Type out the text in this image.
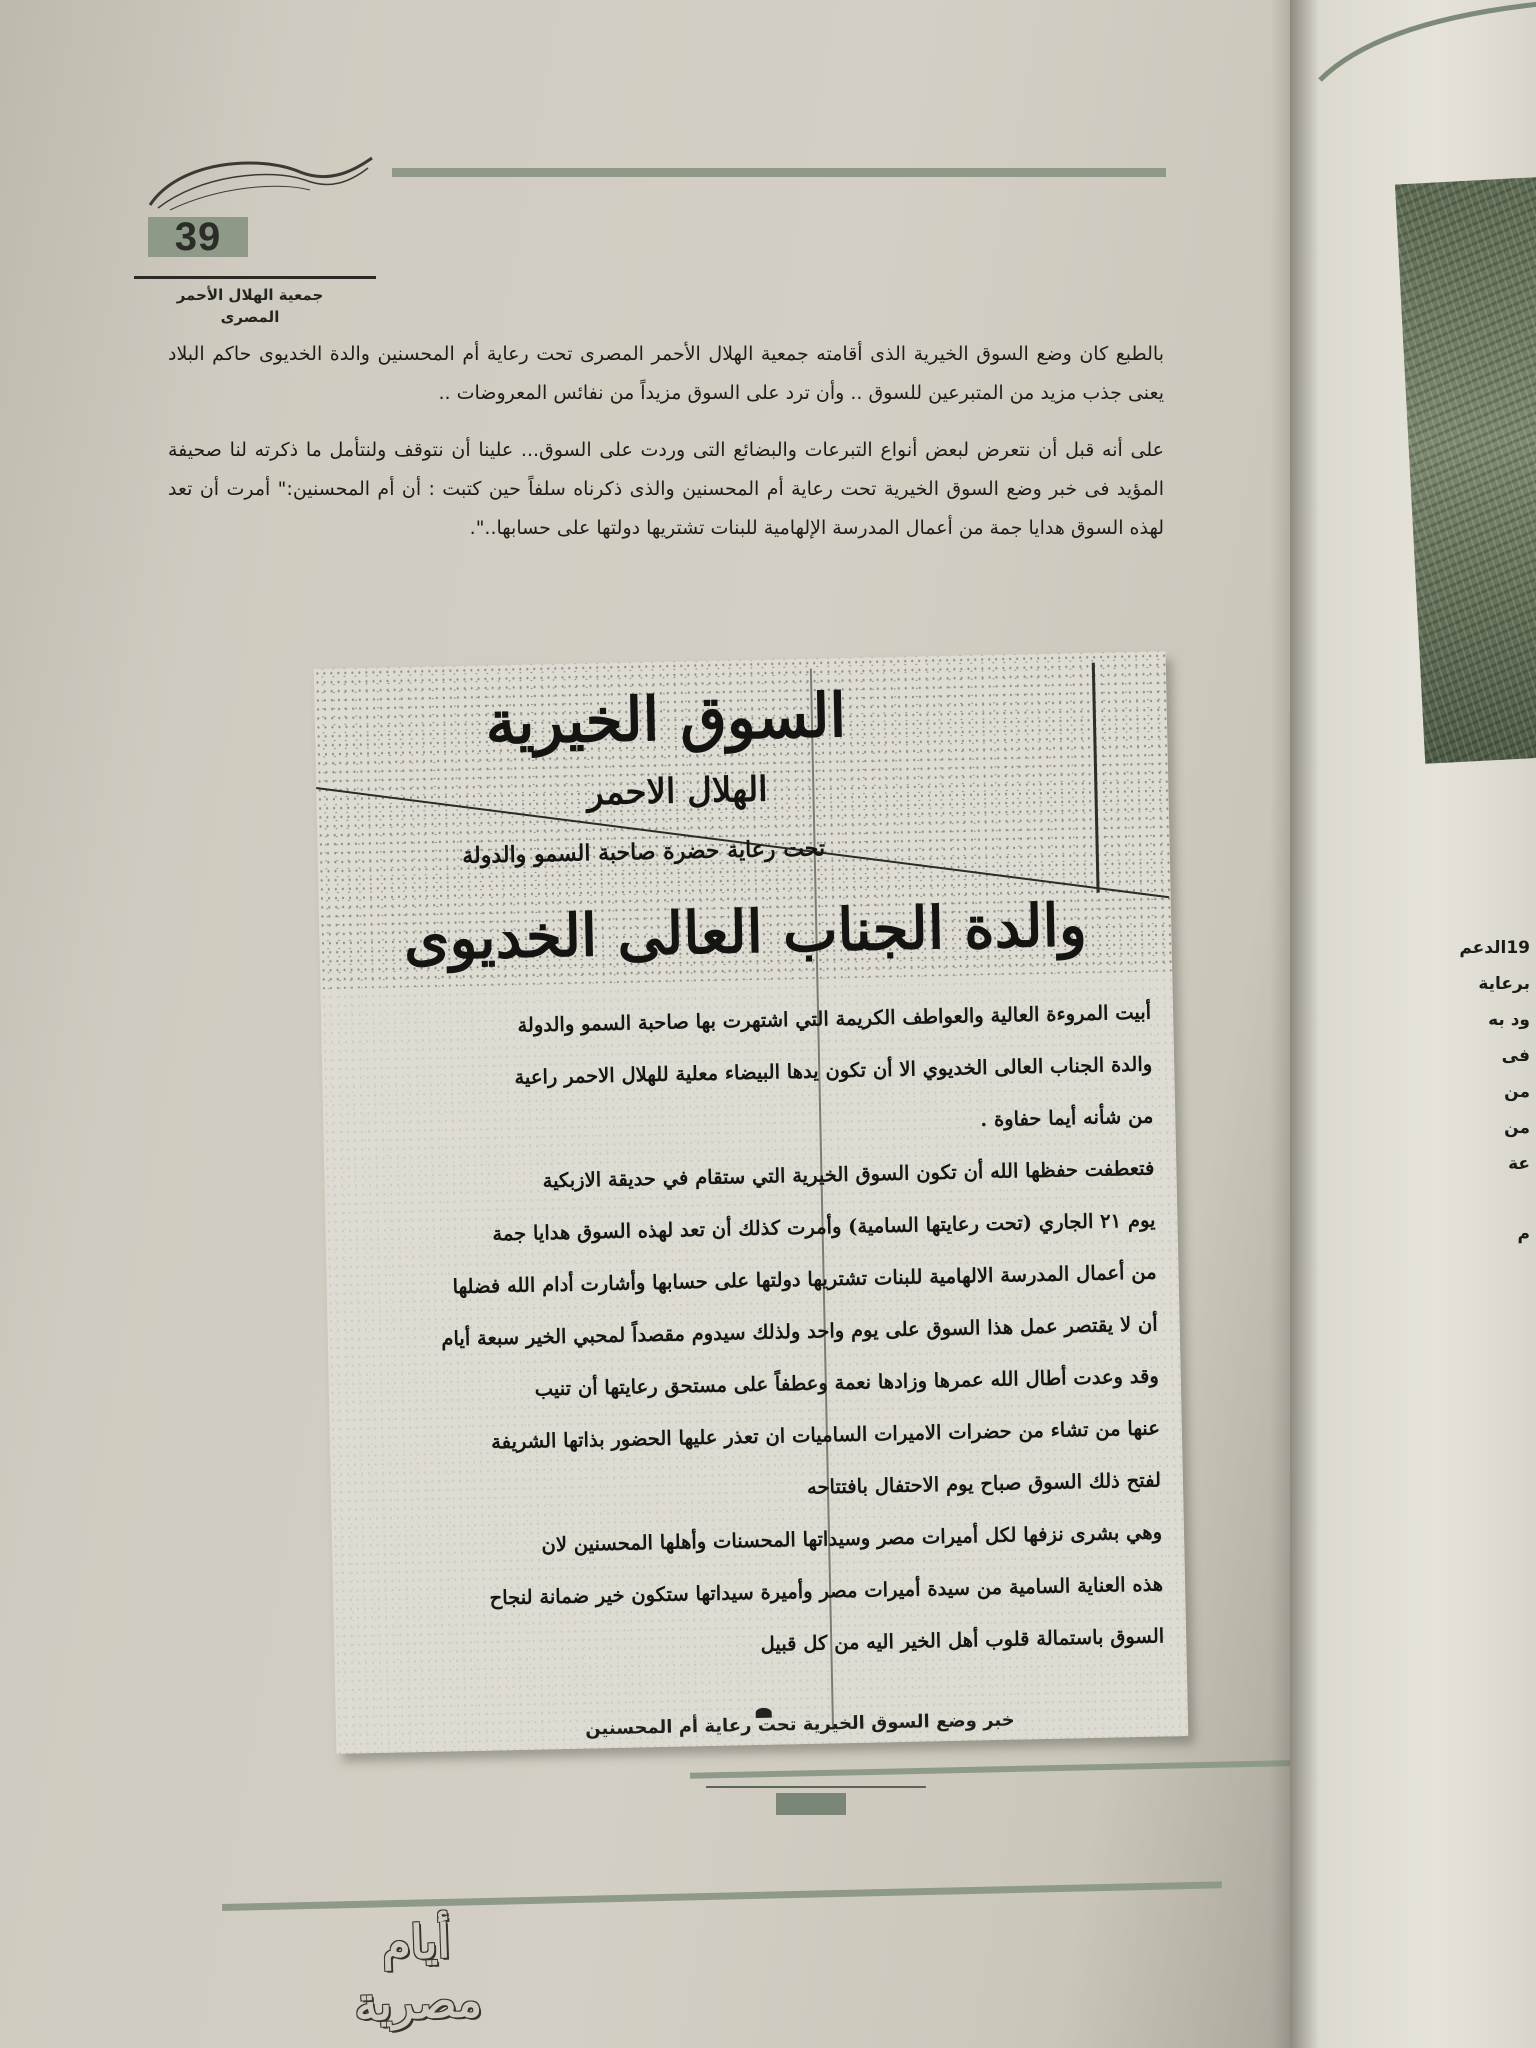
39
جمعية الهلال الأحمر المصرى

بالطبع كان وضع السوق الخيرية الذى أقامته جمعية الهلال الأحمر المصرى تحت رعاية أم المحسنين والدة الخديوى حاكم البلاد يعنى جذب مزيد من المتبرعين للسوق .. وأن ترد على السوق مزيداً من نفائس المعروضات ..

على أنه قبل أن نتعرض لبعض أنواع التبرعات والبضائع التى وردت على السوق... علينا أن نتوقف ولنتأمل ما ذكرته لنا صحيفة المؤيد فى خبر وضع السوق الخيرية تحت رعاية أم المحسنين والذى ذكرناه سلفاً حين كتبت : أن أم المحسنين:" أمرت أن تعد لهذه السوق هدايا جمة من أعمال المدرسة الإلهامية للبنات تشتريها دولتها على حسابها..".

السوق الخيرية
الهلال الاحمر
تحت رعاية حضرة صاحبة السمو والدولة
والدة الجناب العالى الخديوى
أبيت المروءة العالية والعواطف الكريمة التي اشتهرت بها صاحبة السمو والدولة
والدة الجناب العالى الخديوي الا أن تكون يدها البيضاء معلية للهلال الاحمر راعية
من شأنه أيما حفاوة .
فتعطفت حفظها الله أن تكون السوق الخيرية التي ستقام في حديقة الازبكية
يوم ٢١ الجاري (تحت رعايتها السامية) وأمرت كذلك أن تعد لهذه السوق هدايا جمة
من أعمال المدرسة الالهامية للبنات تشتريها دولتها على حسابها وأشارت أدام الله فضلها
أن لا يقتصر عمل هذا السوق على يوم واحد ولذلك سيدوم مقصداً لمحبي الخير سبعة أيام
وقد وعدت أطال الله عمرها وزادها نعمة وعطفاً على مستحق رعايتها أن تنيب
عنها من تشاء من حضرات الاميرات الساميات ان تعذر عليها الحضور بذاتها الشريفة
لفتح ذلك السوق صباح يوم الاحتفال بافتتاحه
وهي بشرى نزفها لكل أميرات مصر وسيداتها المحسنات وأهلها المحسنين لان
هذه العناية السامية من سيدة أميرات مصر وأميرة سيداتها ستكون خير ضمانة لنجاح
السوق باستمالة قلوب أهل الخير اليه من كل قبيل
خبر وضع السوق الخيرية تحت رعاية أم المحسنين
أيام مصرية
19الدعم
برعاية
ود به
فى
من
من
عة
م
